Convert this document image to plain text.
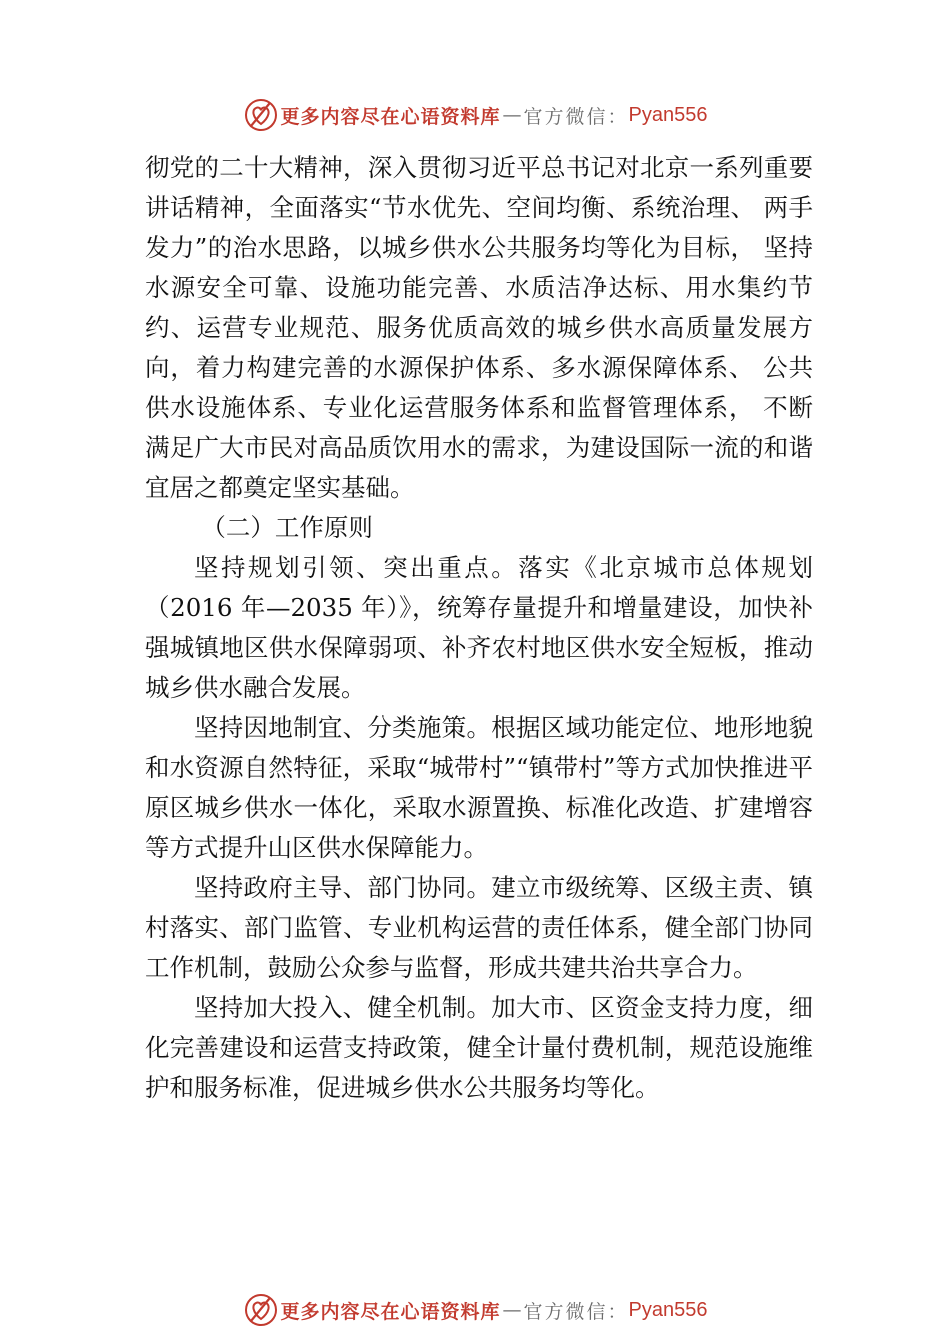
更多内容尽在心语资料库 — 官方微信： Pyan556

彻党的二十大精神，深入贯彻习近平总书记对北京一系列重要讲话精神，全面落实“节水优先、空间均衡、系统治理、 两手发力”的治水思路，以城乡供水公共服务均等化为目标， 坚持水源安全可靠、设施功能完善、水质洁净达标、用水集约节约、运营专业规范、服务优质高效的城乡供水高质量发展方向，着力构建完善的水源保护体系、多水源保障体系、 公共供水设施体系、专业化运营服务体系和监督管理体系， 不断满足广大市民对高品质饮用水的需求，为建设国际一流的和谐宜居之都奠定坚实基础。

（二）工作原则

坚持规划引领、突出重点。落实《北京城市总体规划（2016 年—2035 年）》，统筹存量提升和增量建设，加快补强城镇地区供水保障弱项、补齐农村地区供水安全短板，推动城乡供水融合发展。

坚持因地制宜、分类施策。根据区域功能定位、地形地貌和水资源自然特征，采取“城带村”“镇带村”等方式加快推进平原区城乡供水一体化，采取水源置换、标准化改造、扩建增容等方式提升山区供水保障能力。

坚持政府主导、部门协同。建立市级统筹、区级主责、镇村落实、部门监管、专业机构运营的责任体系，健全部门协同工作机制，鼓励公众参与监督，形成共建共治共享合力。

坚持加大投入、健全机制。加大市、区资金支持力度，细化完善建设和运营支持政策，健全计量付费机制，规范设施维护和服务标准，促进城乡供水公共服务均等化。

更多内容尽在心语资料库 — 官方微信： Pyan556
